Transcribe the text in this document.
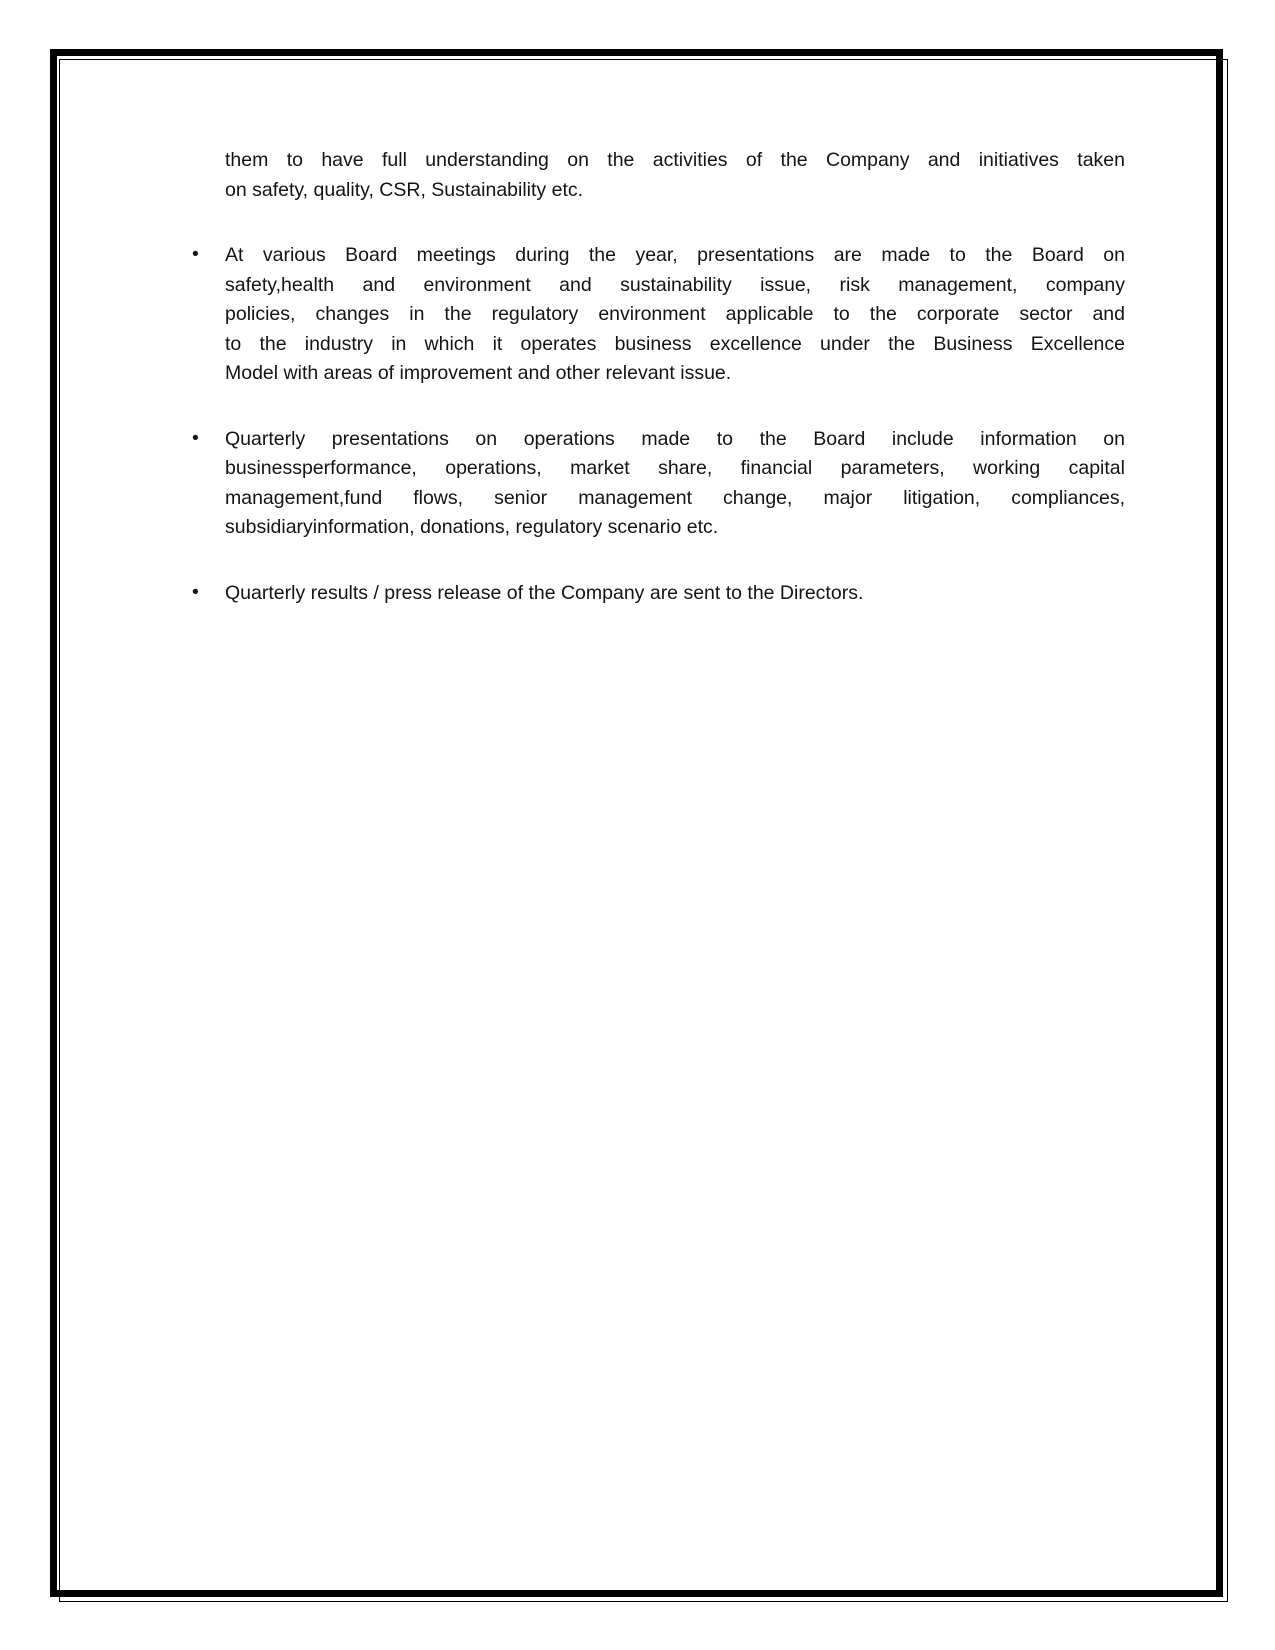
them to have full understanding on the activities of the Company and initiatives taken
on safety, quality, CSR, Sustainability etc.
•	At various Board meetings during the year, presentations are made to the Board on
safety,health and environment and sustainability issue, risk management, company
policies, changes in the regulatory environment applicable to the corporate sector and
to the industry in which it operates business excellence under the Business Excellence
Model with areas of improvement and other relevant issue.
•	Quarterly presentations on operations made to the Board include information on
businessperformance, operations, market share, financial parameters, working capital
management,fund flows, senior management change, major litigation, compliances,
subsidiaryinformation, donations, regulatory scenario etc.
•	Quarterly results / press release of the Company are sent to the Directors.
